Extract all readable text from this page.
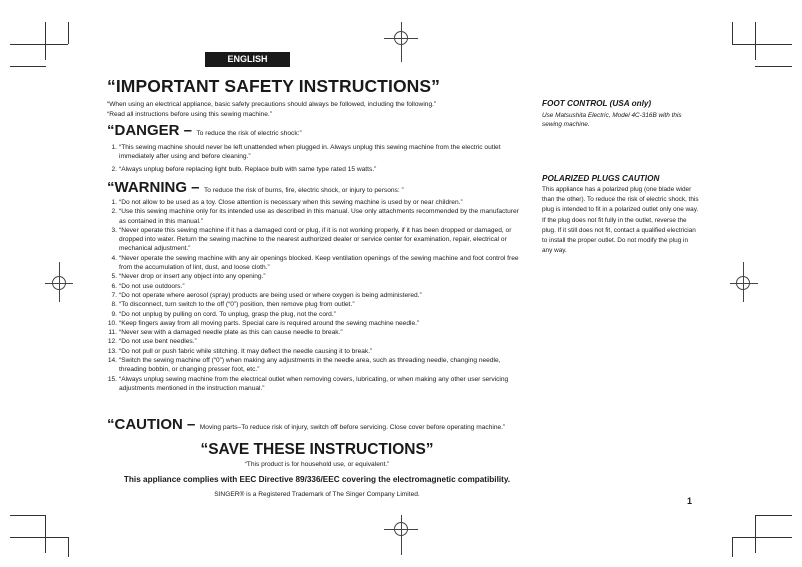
ENGLISH
“IMPORTANT SAFETY INSTRUCTIONS”
“When using an electrical appliance, basic safety precautions should always be followed, including the following.”
“Read all instructions before using this sewing machine.”
“DANGER – To reduce the risk of electric shock:”
1. “This sewing machine should never be left unattended when plugged in. Always unplug this sewing machine from the electric outlet immediately after using and before cleaning.”
2. “Always unplug before replacing light bulb. Replace bulb with same type rated 15 watts.”
“WARNING – To reduce the risk of burns, fire, electric shock, or injury to persons: ”
1. “Do not allow to be used as a toy. Close attention is necessary when this sewing machine is used by or near children.”
2. “Use this sewing machine only for its intended use as described in this manual. Use only attachments recommended by the manufacturer as contained in this manual.”
3. “Never operate this sewing machine if it has a damaged cord or plug, if it is not working properly, if it has been dropped or damaged, or dropped into water. Return the sewing machine to the nearest authorized dealer or service center for examination, repair, electrical or mechanical adjustment.”
4. “Never operate the sewing machine with any air openings blocked. Keep ventilation openings of the sewing machine and foot control free from the accumulation of lint, dust, and loose cloth.”
5. “Never drop or insert any object into any opening.”
6. “Do not use outdoors.”
7. “Do not operate where aerosol (spray) products are being used or where oxygen is being administered.”
8. “To disconnect, turn switch to the off (“0”) position, then remove plug from outlet.”
9. “Do not unplug by pulling on cord. To unplug, grasp the plug, not the cord.”
10. “Keep fingers away from all moving parts. Special care is required around the sewing machine needle.”
11. “Never sew with a damaged needle plate as this can cause needle to break.”
12. “Do not use bent needles.”
13. “Do not pull or push fabric while stitching. It may deflect the needle causing it to break.”
14. “Switch the sewing machine off (“0”) when making any adjustments in the needle area, such as threading needle, changing needle, threading bobbin, or changing presser foot, etc.”
15. “Always unplug sewing machine from the electrical outlet when removing covers, lubricating, or when making any other user servicing adjustments mentioned in the instruction manual.”
“CAUTION – Moving parts–To reduce risk of injury, switch off before servicing. Close cover before operating machine.”
“SAVE THESE INSTRUCTIONS”
“This product is for household use, or equivalent.”
This appliance complies with EEC Directive 89/336/EEC covering the electromagnetic compatibility.
SINGER® is a Registered Trademark of The Singer Company Limited.
FOOT CONTROL (USA only)
Use Matsushita Electric, Model 4C-316B with this sewing machine.
POLARIZED PLUGS CAUTION
This appliance has a polarized plug (one blade wider than the other). To reduce the risk of electric shock, this plug is intended to fit in a polarized outlet only one way. If the plug does not fit fully in the outlet, reverse the plug. If it still does not fit, contact a qualified electrician to install the proper outlet. Do not modify the plug in any way.
1
